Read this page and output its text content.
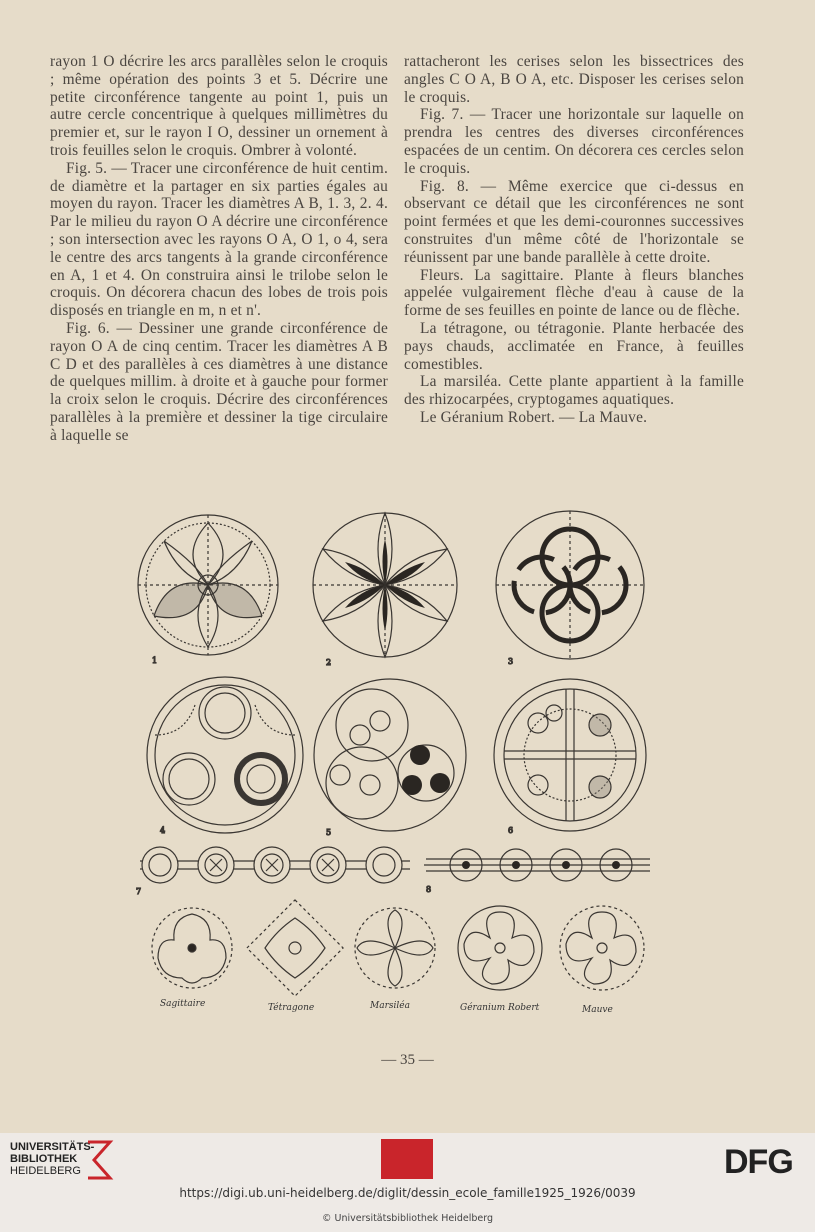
rayon 1 O décrire les arcs parallèles selon le croquis ; même opération des points 3 et 5. Décrire une petite circonférence tangente au point 1, puis un autre cercle concentrique à quelques millimètres du premier et, sur le rayon I O, dessiner un ornement à trois feuilles selon le croquis. Ombrer à volonté.

Fig. 5. — Tracer une circonférence de huit centim. de diamètre et la partager en six parties égales au moyen du rayon. Tracer les diamètres A B, 1. 3, 2. 4. Par le milieu du rayon O A décrire une circonférence ; son intersection avec les rayons O A, O 1, o 4, sera le centre des arcs tangents à la grande circonférence en A, 1 et 4. On construira ainsi le trilobe selon le croquis. On décorera chacun des lobes de trois pois disposés en triangle en m, n et n'.

Fig. 6. — Dessiner une grande circonférence de rayon O A de cinq centim. Tracer les diamètres A B C D et des parallèles à ces diamètres à une distance de quelques millim. à droite et à gauche pour former la croix selon le croquis. Décrire des circonférences parallèles à la première et dessiner la tige circulaire à laquelle se

rattacheront les cerises selon les bissectrices des angles C O A, B O A, etc. Disposer les cerises selon le croquis.

Fig. 7. — Tracer une horizontale sur laquelle on prendra les centres des diverses circonférences espacées de un centim. On décorera ces cercles selon le croquis.

Fig. 8. — Même exercice que ci-dessus en observant ce détail que les circonférences ne sont point fermées et que les demi-couronnes successives construites d'un même côté de l'horizontale se réunissent par une bande parallèle à cette droite.

Fleurs. La sagittaire. Plante à fleurs blanches appelée vulgairement flèche d'eau à cause de la forme de ses feuilles en pointe de lance ou de flèche.

La tétragone, ou tétragonie. Plante herbacée des pays chauds, acclimatée en France, à feuilles comestibles.

La marsiléa. Cette plante appartient à la famille des rhizocarpées, cryptogames aquatiques.

Le Géranium Robert. — La Mauve.

1	2	3
4	5	6
7	8
Sagittaire	Tétragone	Marsiléa	Géranium Robert	Mauve
— 35 —
UNIVERSITÄTS-
BIBLIOTHEK
HEIDELBERG	DFG
https://digi.ub.uni-heidelberg.de/diglit/dessin_ecole_famille1925_1926/0039
© Universitätsbibliothek Heidelberg
